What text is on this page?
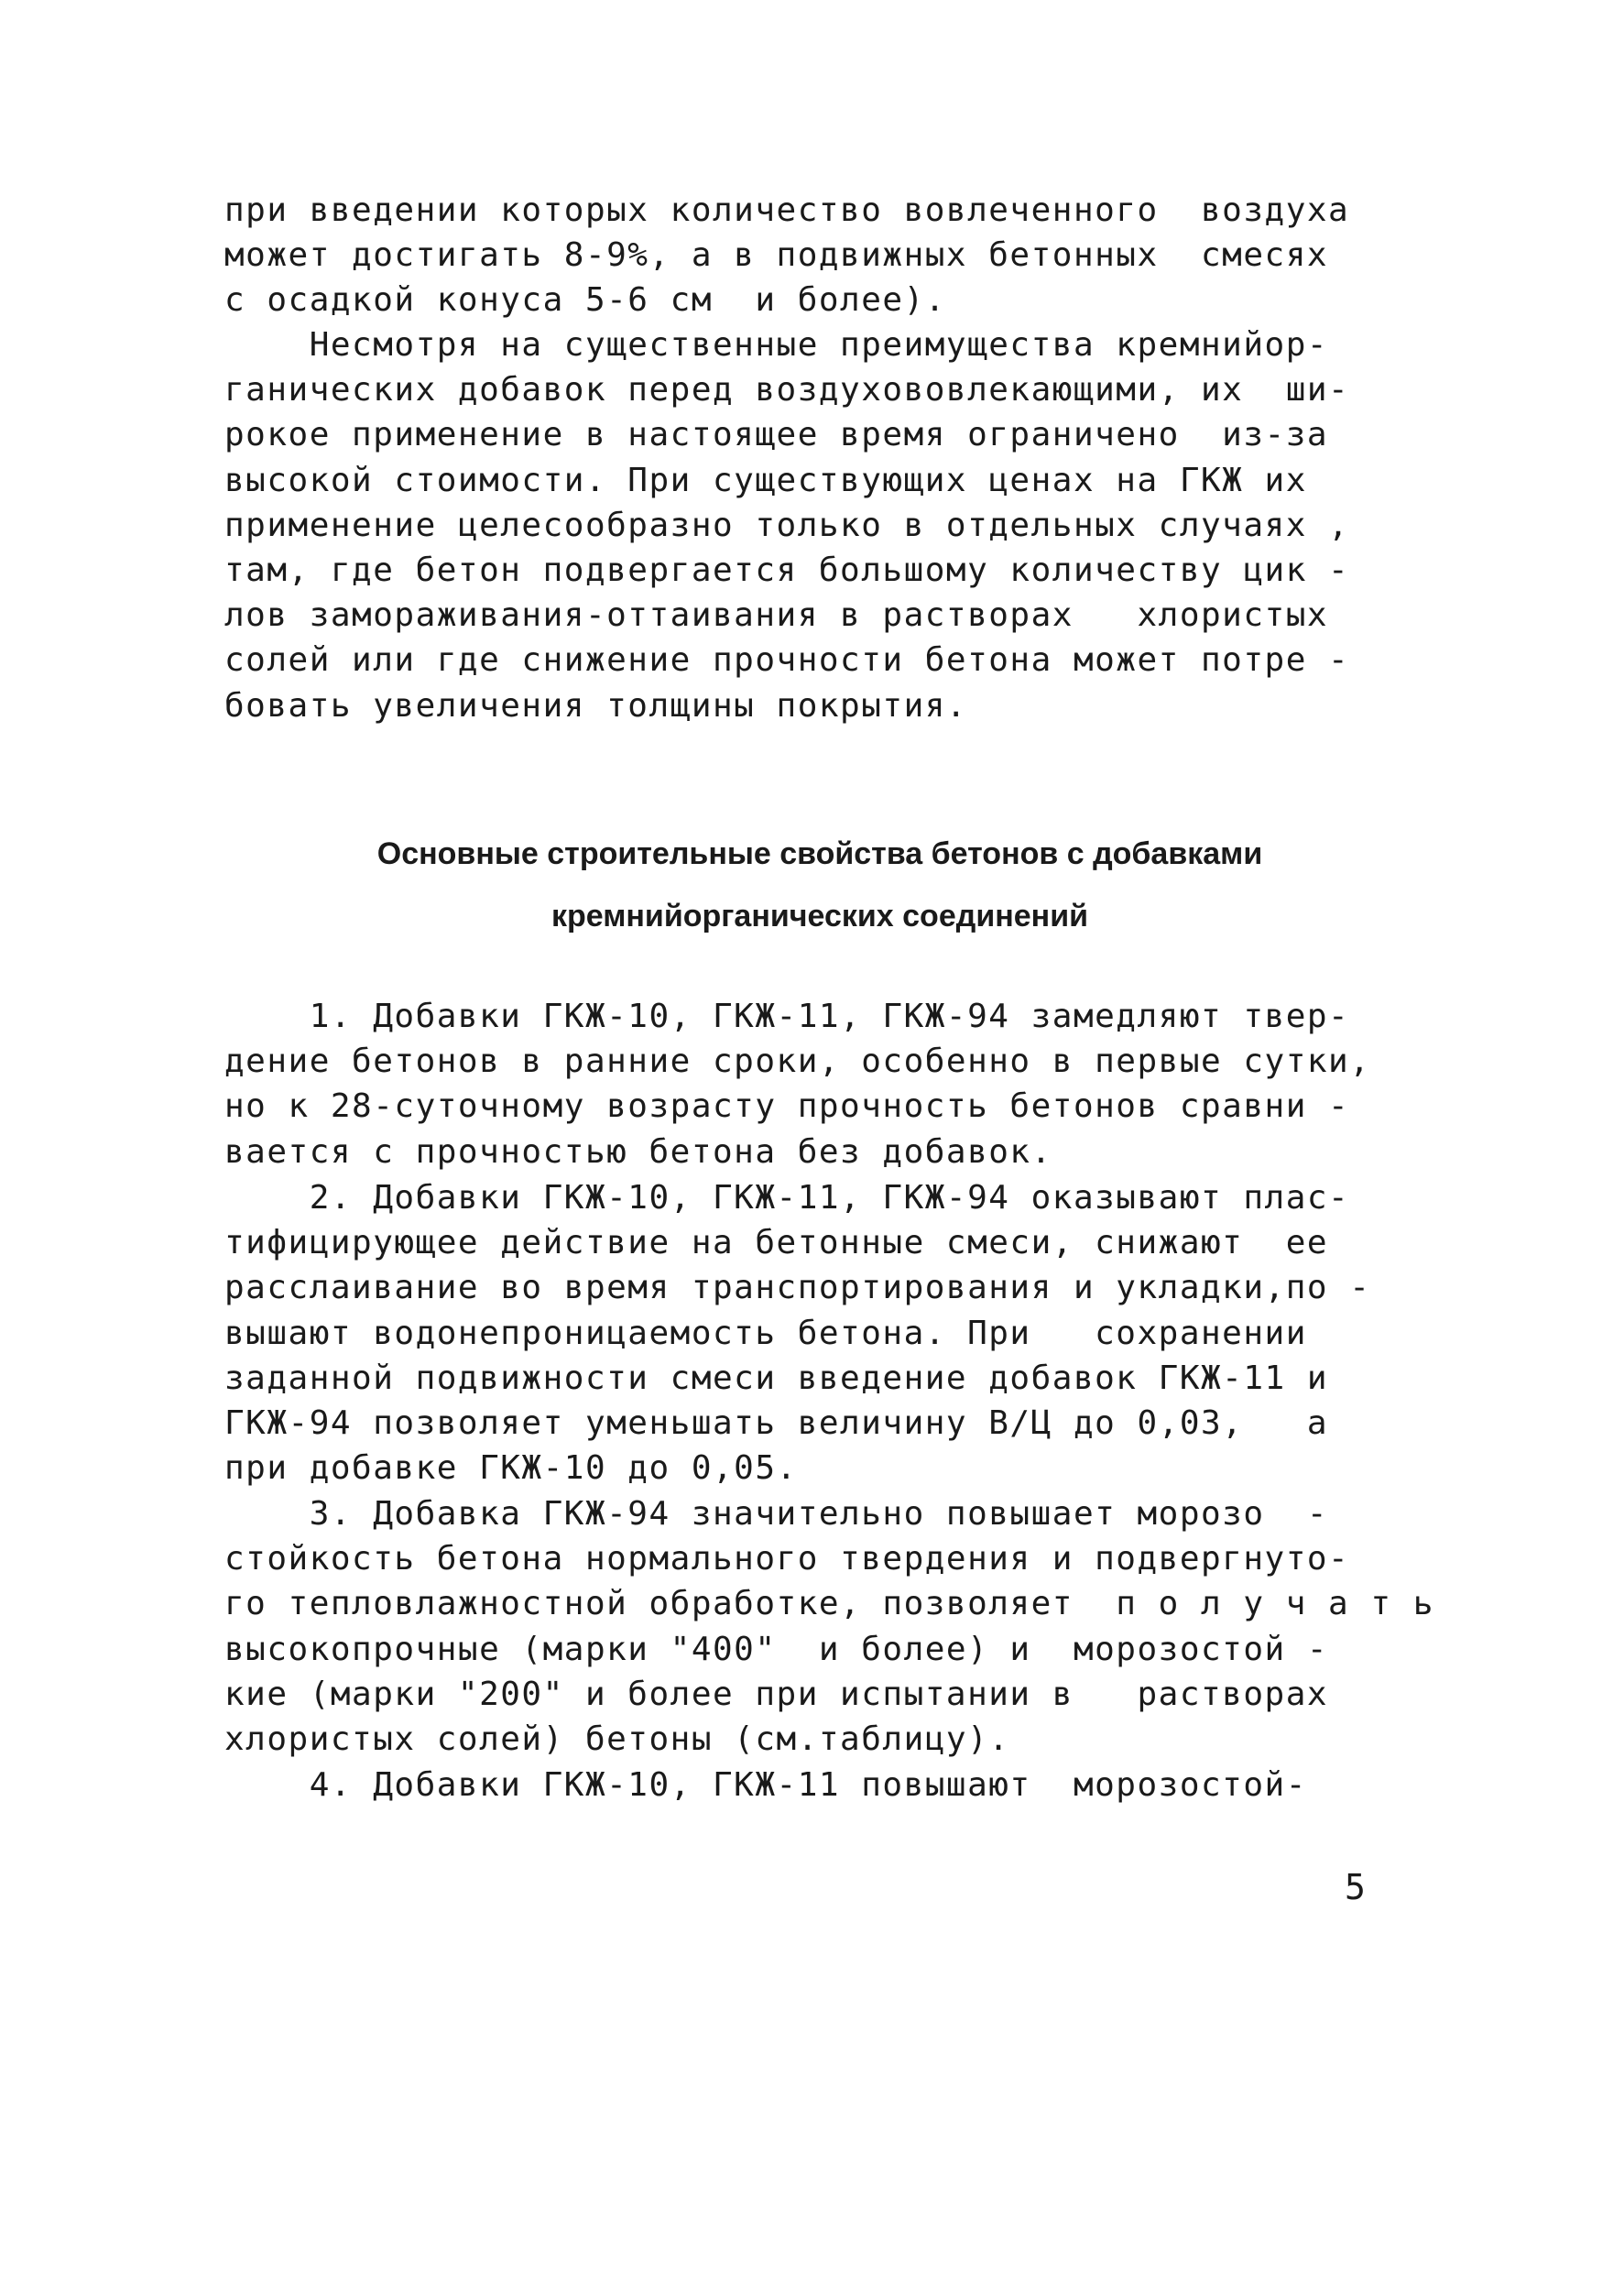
при введении которых количество вовлеченного  воздуха
может достигать 8-9%, а в подвижных бетонных  смесях
с осадкой конуса 5-6 см  и более).
Несмотря на существенные преимущества кремнийор-
ганических добавок перед воздухововлекающими, их  ши-
рокое применение в настоящее время ограничено  из-за
высокой стоимости. При существующих ценах на ГКЖ их
применение целесообразно только в отдельных случаях ,
там, где бетон подвергается большому количеству цик -
лов замораживания-оттаивания в растворах   хлористых
солей или где снижение прочности бетона может потре -
бовать увеличения толщины покрытия.
Основные строительные свойства бетонов с добавками
кремнийорганических соединений
1. Добавки ГКЖ-10, ГКЖ-11, ГКЖ-94 замедляют твер-
дение бетонов в ранние сроки, особенно в первые сутки,
но к 28-суточному возрасту прочность бетонов сравни -
вается с прочностью бетона без добавок.
2. Добавки ГКЖ-10, ГКЖ-11, ГКЖ-94 оказывают плас-
тифицирующее действие на бетонные смеси, снижают  ее
расслаивание во время транспортирования и укладки,по -
вышают водонепроницаемость бетона. При   сохранении
заданной подвижности смеси введение добавок ГКЖ-11 и
ГКЖ-94 позволяет уменьшать величину В/Ц до 0,03,   а
при добавке ГКЖ-10 до 0,05.
3. Добавка ГКЖ-94 значительно повышает морозо  -
стойкость бетона нормального твердения и подвергнуто-
го тепловлажностной обработке, позволяет  п о л у ч а т ь
высокопрочные (марки "400"  и более) и  морозостой -
кие (марки "200" и более при испытании в   растворах
хлористых солей) бетоны (см.таблицу).
4. Добавки ГКЖ-10, ГКЖ-11 повышают  морозостой-
5
